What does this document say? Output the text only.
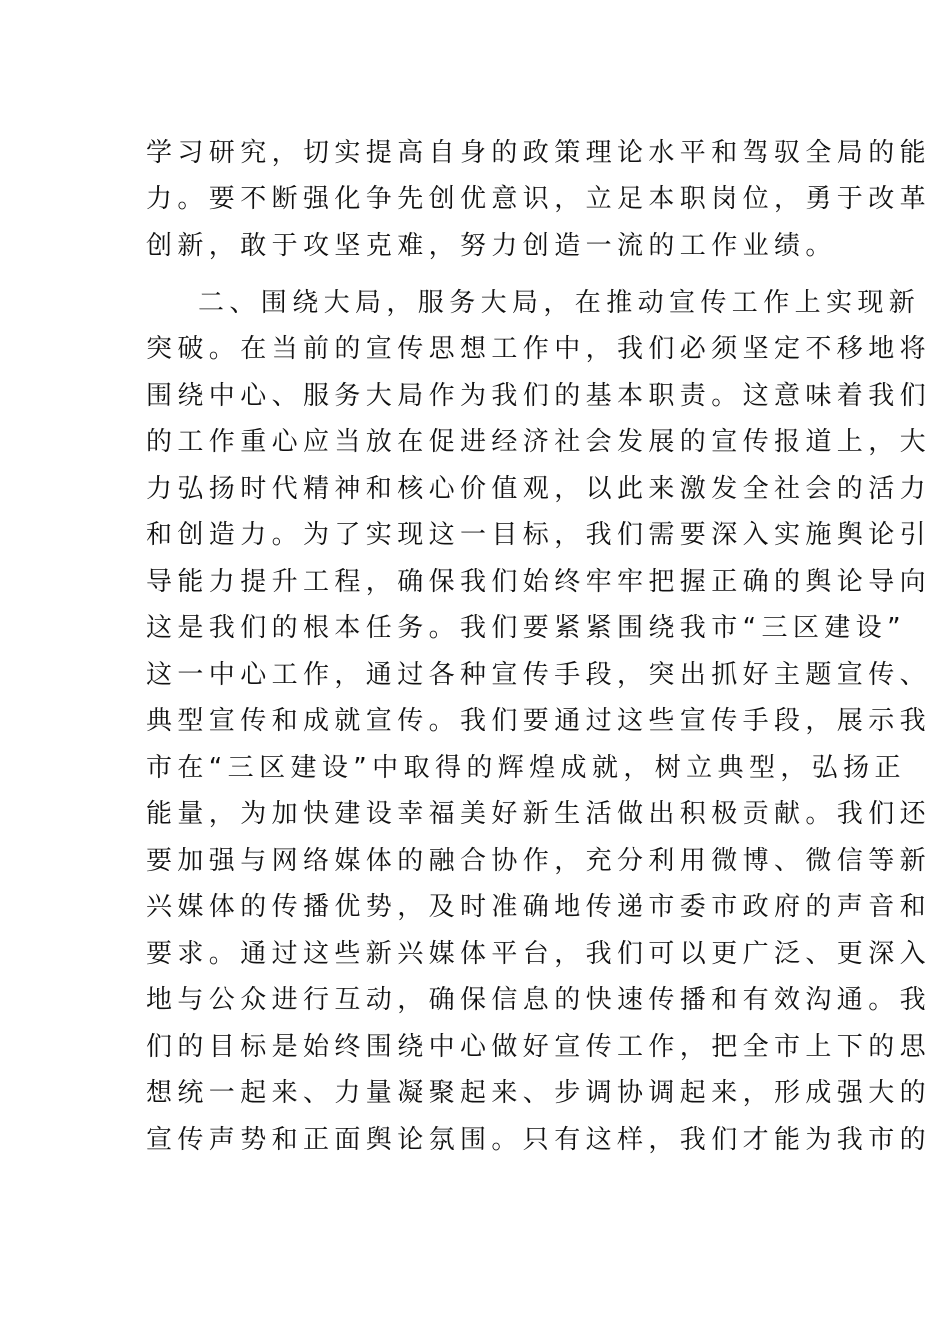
学习研究，切实提高自身的政策理论水平和驾驭全局的能
力。要不断强化争先创优意识，立足本职岗位，勇于改革
创新，敢于攻坚克难，努力创造一流的工作业绩。
二、围绕大局，服务大局，在推动宣传工作上实现新
突破。在当前的宣传思想工作中，我们必须坚定不移地将
围绕中心、服务大局作为我们的基本职责。这意味着我们
的工作重心应当放在促进经济社会发展的宣传报道上，大
力弘扬时代精神和核心价值观，以此来激发全社会的活力
和创造力。为了实现这一目标，我们需要深入实施舆论引
导能力提升工程，确保我们始终牢牢把握正确的舆论导向
这是我们的根本任务。我们要紧紧围绕我市“三区建设”
这一中心工作，通过各种宣传手段，突出抓好主题宣传、
典型宣传和成就宣传。我们要通过这些宣传手段，展示我
市在“三区建设”中取得的辉煌成就，树立典型，弘扬正
能量，为加快建设幸福美好新生活做出积极贡献。我们还
要加强与网络媒体的融合协作，充分利用微博、微信等新
兴媒体的传播优势，及时准确地传递市委市政府的声音和
要求。通过这些新兴媒体平台，我们可以更广泛、更深入
地与公众进行互动，确保信息的快速传播和有效沟通。我
们的目标是始终围绕中心做好宣传工作，把全市上下的思
想统一起来、力量凝聚起来、步调协调起来，形成强大的
宣传声势和正面舆论氛围。只有这样，我们才能为我市的
